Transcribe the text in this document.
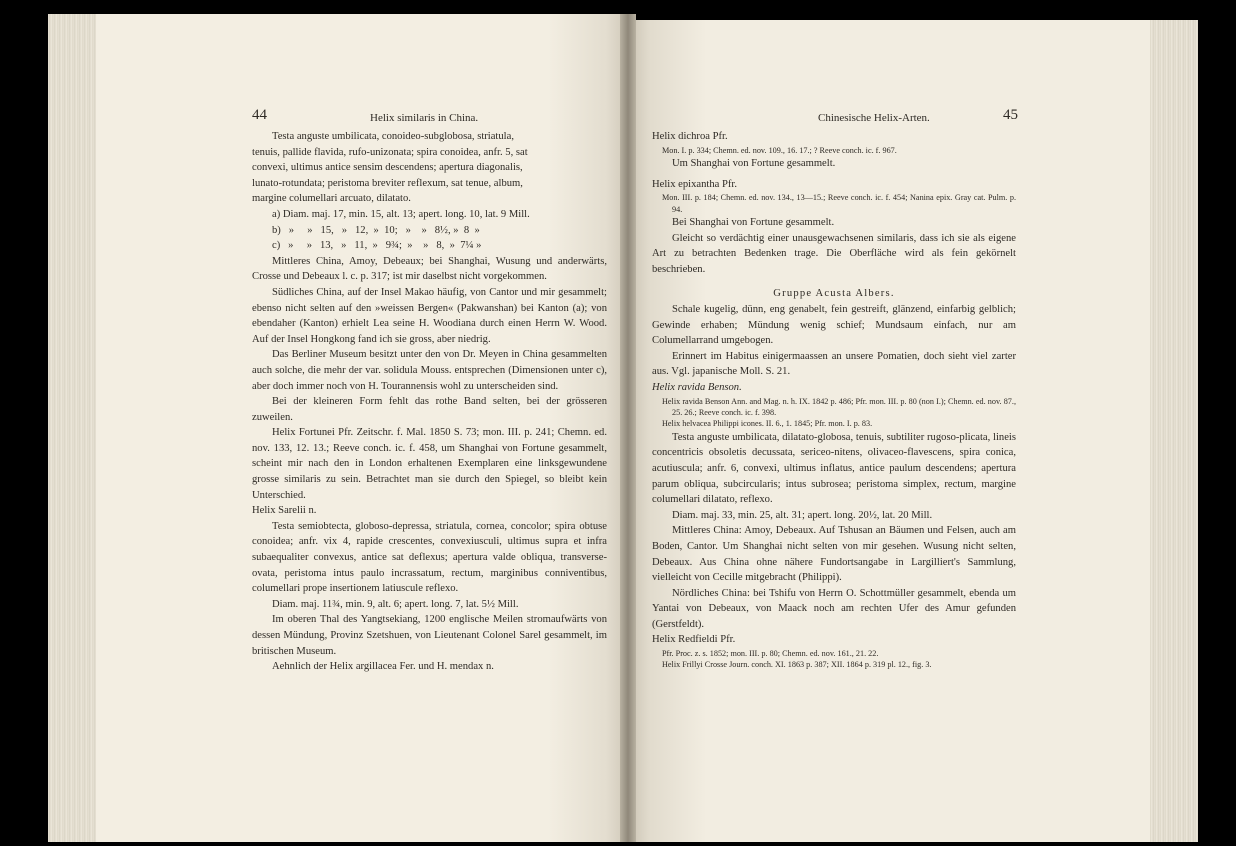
44	Helix similaris in China.

Testa anguste umbilicata, conoideo-subglobosa, striatula,

tenuis, pallide flavida, rufo-unizonata; spira conoidea, anfr. 5, sat

convexi, ultimus antice sensim descendens; apertura diagonalis,

lunato-rotundata; peristoma breviter reflexum, sat tenue, album,

margine columellari arcuato, dilatato.

a) Diam. maj. 17, min. 15, alt. 13; apert. long. 10, lat. 9 Mill.

b)   »     »   15,   »   12,  »  10;   »    »   8½, »  8  »

c)   »     »   13,   »   11,  »   9¾;  »    »   8,  »  7¼ »

Mittleres China, Amoy, Debeaux; bei Shanghai, Wusung und anderwärts, Crosse und Debeaux l. c. p. 317; ist mir daselbst nicht vorgekommen.

Südliches China, auf der Insel Makao häufig, von Cantor und mir gesammelt; ebenso nicht selten auf den »weissen Bergen« (Pakwanshan) bei Kanton (a); von ebendaher (Kanton) erhielt Lea seine H. Woodiana durch einen Herrn W. Wood. Auf der Insel Hongkong fand ich sie gross, aber niedrig.

Das Berliner Museum besitzt unter den von Dr. Meyen in China gesammelten auch solche, die mehr der var. solidula Mouss. entsprechen (Dimensionen unter c), aber doch immer noch von H. Tourannensis wohl zu unterscheiden sind.

Bei der kleineren Form fehlt das rothe Band selten, bei der grösseren zuweilen.

Helix Fortunei Pfr. Zeitschr. f. Mal. 1850 S. 73; mon. III. p. 241; Chemn. ed. nov. 133, 12. 13.; Reeve conch. ic. f. 458, um Shanghai von Fortune gesammelt, scheint mir nach den in London erhaltenen Exemplaren eine linksgewundene grosse similaris zu sein. Betrachtet man sie durch den Spiegel, so bleibt kein Unterschied.

Helix Sarelii n.

Testa semiobtecta, globoso-depressa, striatula, cornea, concolor; spira obtuse conoidea; anfr. vix 4, rapide crescentes, convexiusculi, ultimus supra et infra subaequaliter convexus, antice sat deflexus; apertura valde obliqua, transverse-ovata, peristoma intus paulo incrassatum, rectum, marginibus conniventibus, columellari prope insertionem latiuscule reflexo.

Diam. maj. 11¾, min. 9, alt. 6; apert. long. 7, lat. 5½ Mill.

Im oberen Thal des Yangtsekiang, 1200 englische Meilen stromaufwärts von dessen Mündung, Provinz Szetshuen, von Lieutenant Colonel Sarel gesammelt, im britischen Museum.

Aehnlich der Helix argillacea Fer. und H. mendax n.

Chinesische Helix-Arten.	45

Helix dichroa Pfr.

Mon. I. p. 334; Chemn. ed. nov. 109., 16. 17.; ? Reeve conch. ic. f. 967.

Um Shanghai von Fortune gesammelt.

Helix epixantha Pfr.

Mon. III. p. 184; Chemn. ed. nov. 134., 13—15.; Reeve conch. ic. f. 454; Nanina epix. Gray cat. Pulm. p. 94.

Bei Shanghai von Fortune gesammelt.

Gleicht so verdächtig einer unausgewachsenen similaris, dass ich sie als eigene Art zu betrachten Bedenken trage. Die Oberfläche wird als fein gekörnelt beschrieben.

Gruppe Acusta Albers.

Schale kugelig, dünn, eng genabelt, fein gestreift, glänzend, einfarbig gelblich; Gewinde erhaben; Mündung wenig schief; Mundsaum einfach, nur am Columellarrand umgebogen.

Erinnert im Habitus einigermaassen an unsere Pomatien, doch sieht viel zarter aus. Vgl. japanische Moll. S. 21.

Helix ravida Benson.

Helix ravida Benson Ann. and Mag. n. h. IX. 1842 p. 486; Pfr. mon. III. p. 80 (non I.); Chemn. ed. nov. 87., 25. 26.; Reeve conch. ic. f. 398.

Helix helvacea Philippi icones. II. 6., 1. 1845; Pfr. mon. I. p. 83.

Testa anguste umbilicata, dilatato-globosa, tenuis, subtiliter rugoso-plicata, lineis concentricis obsoletis decussata, sericeo-nitens, olivaceo-flavescens, spira conica, acutiuscula; anfr. 6, convexi, ultimus inflatus, antice paulum descendens; apertura parum obliqua, subcircularis; intus subrosea; peristoma simplex, rectum, margine columellari dilatato, reflexo.

Diam. maj. 33, min. 25, alt. 31; apert. long. 20½, lat. 20 Mill.

Mittleres China: Amoy, Debeaux. Auf Tshusan an Bäumen und Felsen, auch am Boden, Cantor. Um Shanghai nicht selten von mir gesehen. Wusung nicht selten, Debeaux. Aus China ohne nähere Fundortsangabe in Largilliert's Sammlung, vielleicht von Cecille mitgebracht (Philippi).

Nördliches China: bei Tshifu von Herrn O. Schottmüller gesammelt, ebenda um Yantai von Debeaux, von Maack noch am rechten Ufer des Amur gefunden (Gerstfeldt).

Helix Redfieldi Pfr.

Pfr. Proc. z. s. 1852; mon. III. p. 80; Chemn. ed. nov. 161., 21. 22.

Helix Frillyi Crosse Journ. conch. XI. 1863 p. 387; XII. 1864 p. 319 pl. 12., fig. 3.
